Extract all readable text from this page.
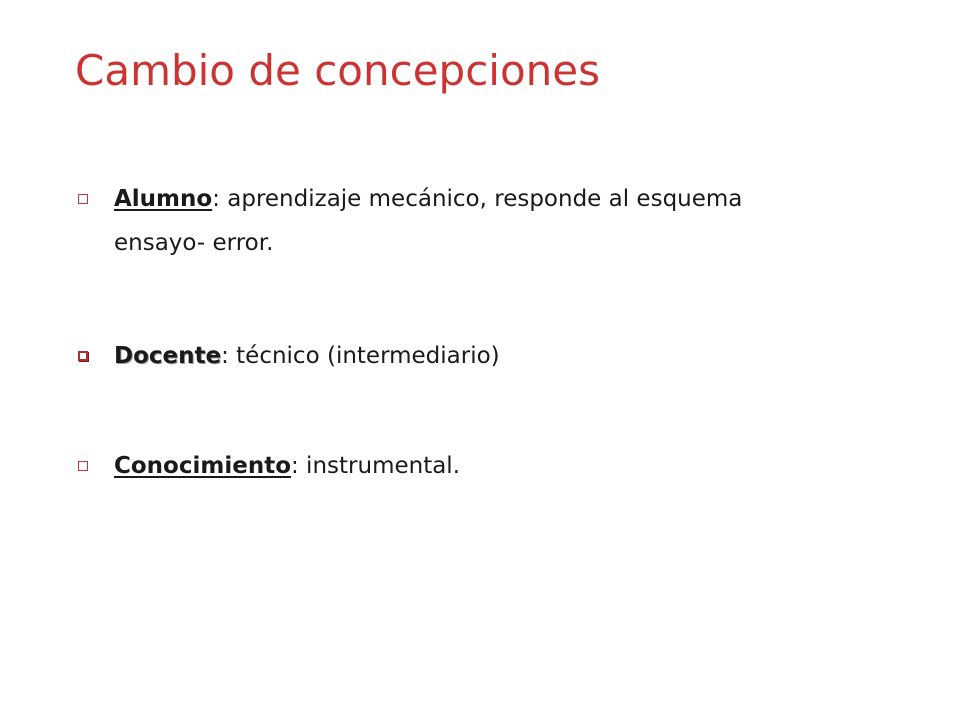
Cambio de concepciones
Alumno: aprendizaje mecánico, responde al esquema ensayo- error.
Docente: técnico (intermediario)
Conocimiento: instrumental.
